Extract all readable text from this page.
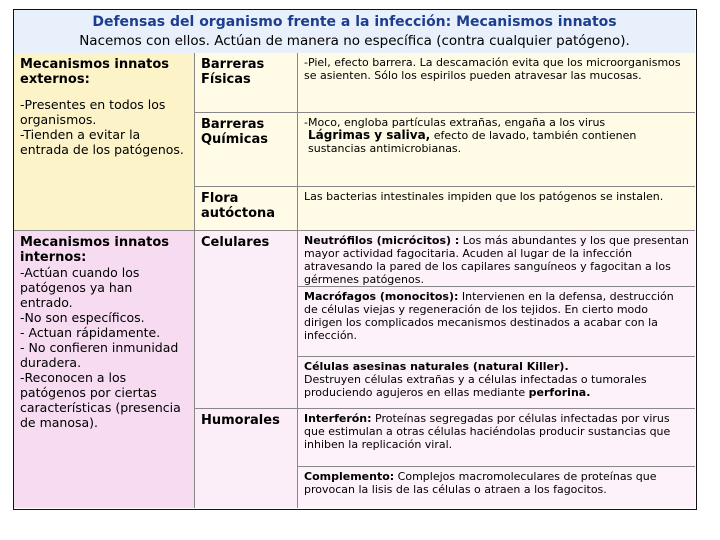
Defensas del organismo frente a la infección: Mecanismos innatos
Nacemos con ellos. Actúan de manera no específica (contra cualquier patógeno).
Mecanismos innatos externos:
-Presentes en todos los organismos.
-Tienden a evitar la entrada de los patógenos.
Barreras Físicas
-Piel, efecto barrera. La descamación evita que los microorganismos se asienten. Sólo los espirilos pueden atravesar las mucosas.
Barreras Químicas
-Moco, engloba partículas extrañas, engaña a los virus
Lágrimas y saliva, efecto de lavado, también contienen sustancias antimicrobianas.
Flora autóctona
Las bacterias intestinales impiden que los patógenos se instalen.
Mecanismos innatos internos:
-Actúan cuando los patógenos ya han entrado.
-No son específicos.
- Actuan rápidamente.
- No confieren inmunidad duradera.
-Reconocen a los patógenos por ciertas características (presencia de manosa).
Celulares	Neutrófilos (micrócitos) : Los más abundantes y los que presentan mayor actividad fagocitaria. Acuden al lugar de la infección atravesando la pared de los capilares sanguíneos y fagocitan a los gérmenes patógenos.
Macrófagos (monocitos): Intervienen en la defensa, destrucción de células viejas y regeneración de los tejidos. En cierto modo dirigen los complicados mecanismos destinados a acabar con la infección.
Células asesinas naturales (natural Killer).
Destruyen células extrañas y a células infectadas o tumorales produciendo agujeros en ellas mediante perforina.
Humorales	Interferón: Proteínas segregadas por células infectadas por virus que estimulan a otras células haciéndolas producir sustancias que inhiben la replicación viral.
Complemento: Complejos macromoleculares de proteínas que provocan la lisis de las células o atraen a los fagocitos.
